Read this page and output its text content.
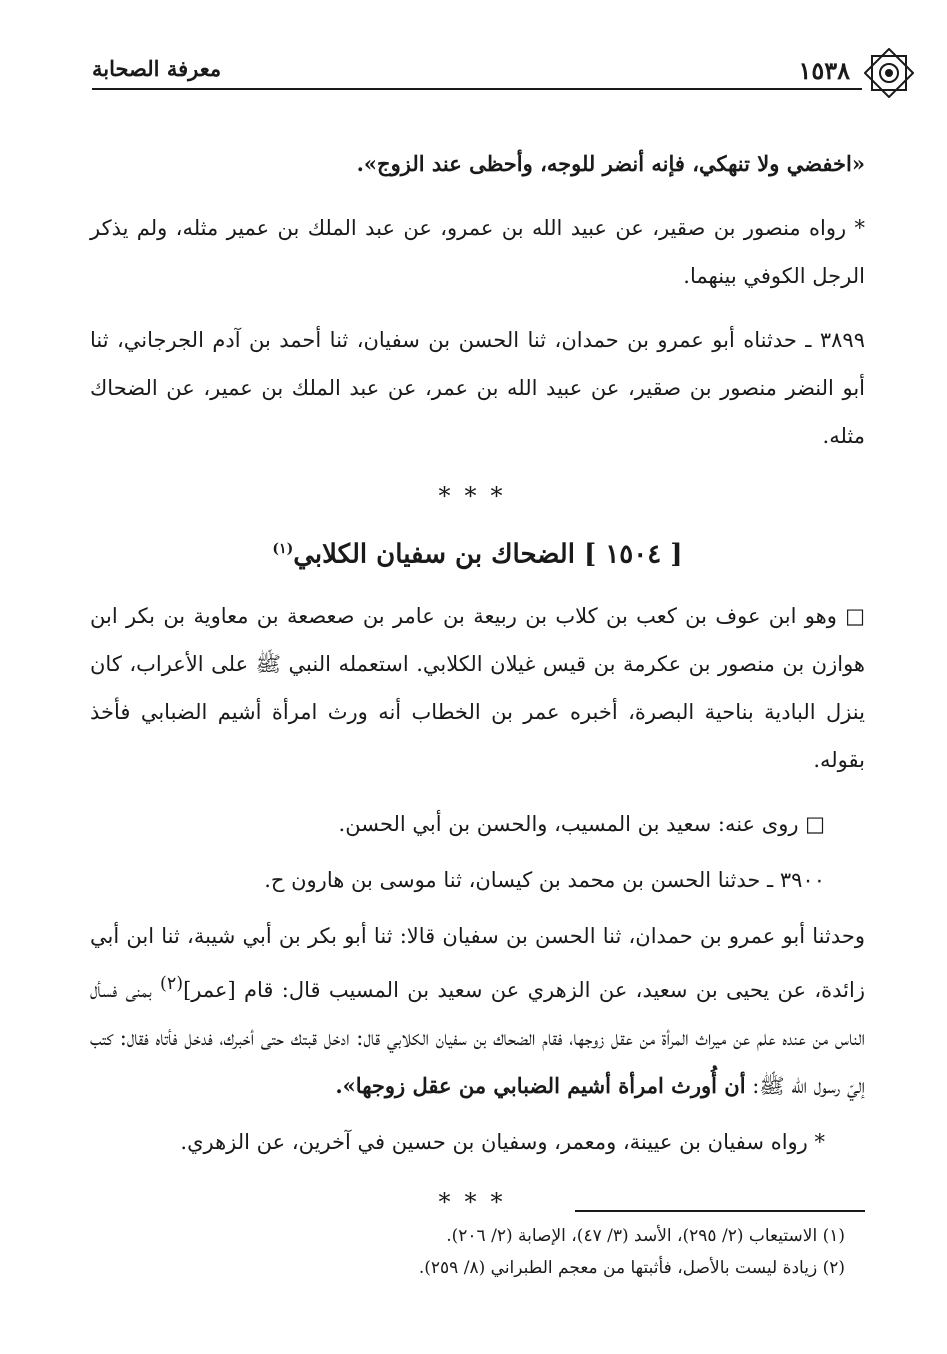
١٥٣٨
معرفة الصحابة

«اخفضي ولا تنهكي، فإنه أنضر للوجه، وأحظى عند الزوج».

* رواه منصور بن صقير، عن عبيد الله بن عمرو، عن عبد الملك بن عمير مثله، ولم يذكر الرجل الكوفي بينهما.

٣٨٩٩ ـ حدثناه أبو عمرو بن حمدان، ثنا الحسن بن سفيان، ثنا أحمد بن آدم الجرجاني، ثنا أبو النضر منصور بن صقير، عن عبيد الله بن عمر، عن عبد الملك بن عمير، عن الضحاك مثله.

***
[ ١٥٠٤ ] الضحاك بن سفيان الكلابي$^{(١)}$

□ وهو ابن عوف بن كعب بن كلاب بن ربيعة بن عامر بن صعصعة بن معاوية بن بكر ابن هوازن بن منصور بن عكرمة بن قيس غيلان الكلابي. استعمله النبي ﷺ على الأعراب، كان ينزل البادية بناحية البصرة، أخبره عمر بن الخطاب أنه ورث امرأة أشيم الضبابي فأخذ بقوله.

□ روى عنه: سعيد بن المسيب، والحسن بن أبي الحسن.

٣٩٠٠ ـ حدثنا الحسن بن محمد بن كيسان، ثنا موسى بن هارون ح.

وحدثنا أبو عمرو بن حمدان، ثنا الحسن بن سفيان قالا: ثنا أبو بكر بن أبي شيبة، ثنا ابن أبي زائدة، عن يحيى بن سعيد، عن الزهري عن سعيد بن المسيب قال: قام [عمر]$^{(٢)}$ بمنى فسأل الناس من عنده علم عن ميراث المرأة من عقل زوجها، فقام الضحاك بن سفيان الكلابي قال: ادخل قبتك حتى أخبرك، فدخل فأتاه فقال: كتب إليّ رسول الله ﷺ: أن أُورث امرأة أشيم الضبابي من عقل زوجها».

* رواه سفيان بن عيينة، ومعمر، وسفيان بن حسين في آخرين، عن الزهري.

***

(١) الاستيعاب (٢/ ٢٩٥)، الأسد (٣/ ٤٧)، الإصابة (٢/ ٢٠٦).

(٢) زيادة ليست بالأصل، فأثبتها من معجم الطبراني (٨/ ٢٥٩).
